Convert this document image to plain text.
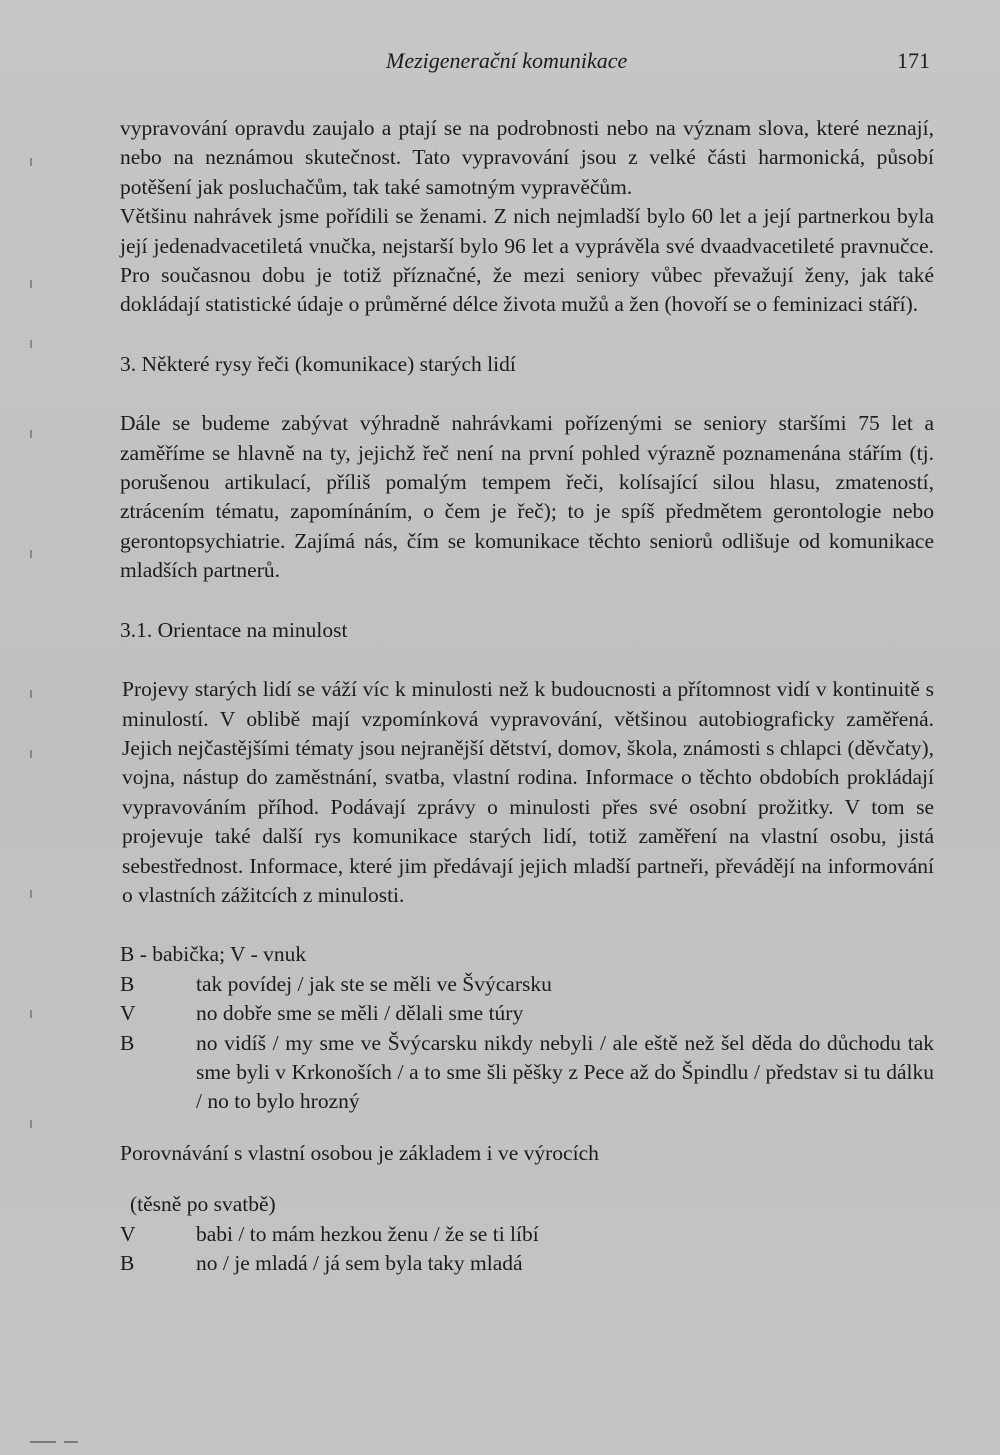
Mezigenerační komunikace	171

vypravování opravdu zaujalo a ptají se na podrobnosti nebo na význam slova, které neznají, nebo na neznámou skutečnost. Tato vypravování jsou z velké části harmonická, působí potěšení jak posluchačům, tak také samotným vypravěčům.

Většinu nahrávek jsme pořídili se ženami. Z nich nejmladší bylo 60 let a její partnerkou byla její jedenadvacetiletá vnučka, nejstarší bylo 96 let a vyprávěla své dvaadvacetileté pravnučce. Pro současnou dobu je totiž příznačné, že mezi seniory vůbec převažují ženy, jak také dokládají statistické údaje o průměrné délce života mužů a žen (hovoří se o feminizaci stáří).

3. Některé rysy řeči (komunikace) starých lidí

Dále se budeme zabývat výhradně nahrávkami pořízenými se seniory staršími 75 let a zaměříme se hlavně na ty, jejichž řeč není na první pohled výrazně poznamenána stářím (tj. porušenou artikulací, příliš pomalým tempem řeči, kolísající silou hlasu, zmateností, ztrácením tématu, zapomínáním, o čem je řeč); to je spíš předmětem gerontologie nebo gerontopsychiatrie. Zajímá nás, čím se komunikace těchto seniorů odlišuje od komunikace mladších partnerů.

3.1. Orientace na minulost

Projevy starých lidí se váží víc k minulosti než k budoucnosti a přítomnost vidí v kontinuitě s minulostí. V oblibě mají vzpomínková vypravování, většinou autobiograficky zaměřená. Jejich nejčastějšími tématy jsou nejranější dětství, domov, škola, známosti s chlapci (děvčaty), vojna, nástup do zaměstnání, svatba, vlastní rodina. Informace o těchto obdobích prokládají vypravováním příhod. Podávají zprávy o minulosti přes své osobní prožitky. V tom se projevuje také další rys komunikace starých lidí, totiž zaměření na vlastní osobu, jistá sebestřednost. Informace, které jim předávají jejich mladší partneři, převádějí na informování o vlastních zážitcích z minulosti.

B - babička; V - vnuk

B	tak povídej / jak ste se měli ve Švýcarsku
V	no dobře sme se měli / dělali sme túry
B	no vidíš / my sme ve Švýcarsku nikdy nebyli / ale eště než šel děda do důchodu tak sme byli v Krkonoších / a to sme šli pěšky z Pece až do Špindlu / představ si tu dálku / no to bylo hrozný

Porovnávání s vlastní osobou je základem i ve výrocích

(těsně po svatbě)

V	babi / to mám hezkou ženu / že se ti líbí
B	no / je mladá / já sem byla taky mladá
